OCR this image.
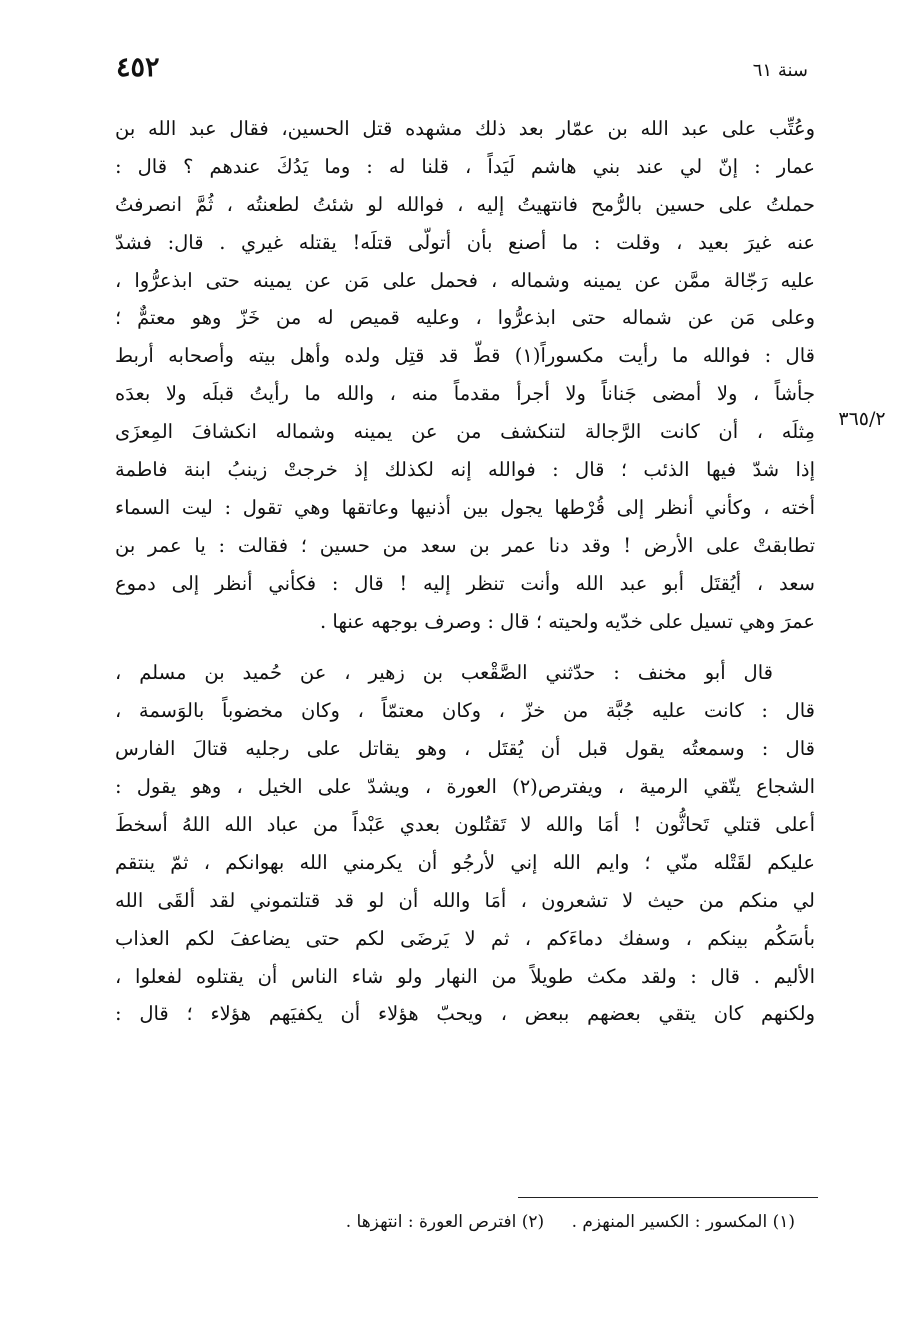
٤٥٢	سنة ٦١
٣٦٥/٢
وعُتِّب على عبد الله بن عمّار بعد ذلك مشهده قتل الحسين، فقال عبد الله بن
عمار : إنّ لي عند بني هاشم لَيَداً ، قلنا له : وما يَدُكَ عندهم ؟ قال :
حملتُ على حسين بالرُّمح فانتهيتُ إليه ، فوالله لو شئتُ لطعنتُه ، ثُمَّ انصرفتُ
عنه غيرَ بعيد ، وقلت : ما أصنع بأن أتولّى قتلَه! يقتله غيري . قال: فشدّ
عليه رَجّالة ممَّن عن يمينه وشماله ، فحمل على مَن عن يمينه حتى ابذعرُّوا ،
وعلى مَن عن شماله حتى ابذعرُّوا ، وعليه قميص له من خَزّ وهو معتمٌّ ؛
قال : فوالله ما رأيت مكسوراً(١) قطّ قد قتِل ولده وأهل بيته وأصحابه أربط
جأشاً ، ولا أمضى جَناناً ولا أجرأ مقدماً منه ، والله ما رأيتُ قبلَه ولا بعدَه
مِثلَه ، أن كانت الرَّجالة لتنكشف من عن يمينه وشماله انكشافَ المِعزَى
إذا شدّ فيها الذئب ؛ قال : فوالله إنه لكذلك إذ خرجتْ زينبُ ابنة فاطمة
أخته ، وكأني أنظر إلى قُرْطها يجول بين أذنيها وعاتقها وهي تقول : ليت السماء
تطابقتْ على الأرض ! وقد دنا عمر بن سعد من حسين ؛ فقالت : يا عمر بن
سعد ، أيُقتَل أبو عبد الله وأنت تنظر إليه ! قال : فكأني أنظر إلى دموع
عمرَ وهي تسيل على خدّيه ولحيته ؛ قال : وصرف بوجهه عنها .
قال أبو مخنف : حدّثني الصَّقْعب بن زهير ، عن حُميد بن مسلم ،
قال : كانت عليه جُبَّة من خزّ ، وكان معتمّاً ، وكان مخضوباً بالوَسمة ،
قال : وسمعتُه يقول قبل أن يُقتَل ، وهو يقاتل على رجليه قتالَ الفارس
الشجاع يتّقي الرمية ، ويفترص(٢) العورة ، ويشدّ على الخيل ، وهو يقول :
أعلى قتلي تَحاثُّون ! أمَا والله لا تَقتُلون بعدي عَبْداً من عباد الله اللهُ أسخطَ
عليكم لقَتْله منّي ؛ وايم الله إني لأرجُو أن يكرمني الله بهوانكم ، ثمّ ينتقم
لي منكم من حيث لا تشعرون ، أمَا والله أن لو قد قتلتموني لقد ألقَى الله
بأسَكُم بينكم ، وسفك دماءَكم ، ثم لا يَرضَى لكم حتى يضاعفَ لكم العذاب
الأليم . قال : ولقد مكث طويلاً من النهار ولو شاء الناس أن يقتلوه لفعلوا ،
ولكنهم كان يتقي بعضهم ببعض ، ويحبّ هؤلاء أن يكفيَهم هؤلاء ؛ قال :
(١) المكسور : الكسير المنهزم . (٢) افترص العورة : انتهزها .
